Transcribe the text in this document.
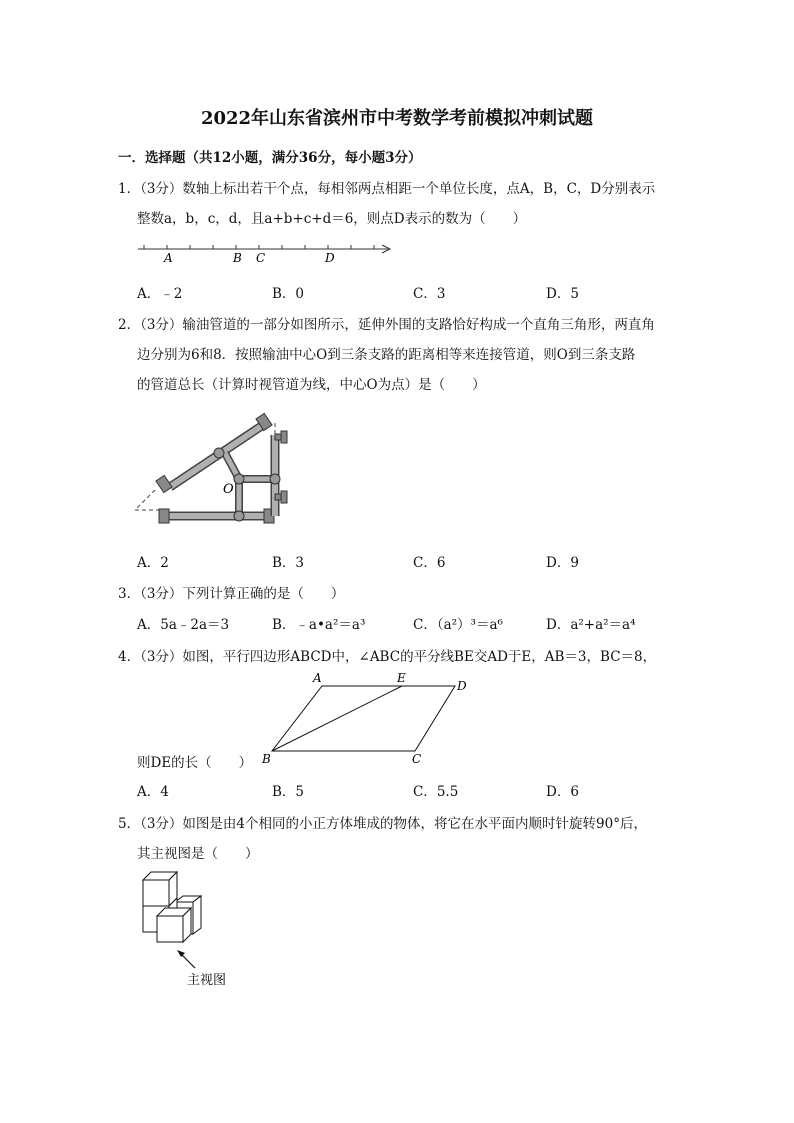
2022年山东省滨州市中考数学考前模拟冲刺试题
一．选择题（共12小题，满分36分，每小题3分）
1．（3分）数轴上标出若干个点，每相邻两点相距一个单位长度，点A，B，C，D分别表示
整数a，b，c，d，且a+b+c+d＝6，则点D表示的数为（　　）
A	B C	D
A．﹣2	B．0	C．3	D．5
2．（3分）输油管道的一部分如图所示，延伸外围的支路恰好构成一个直角三角形，两直角
边分别为6和8．按照输油中心O到三条支路的距离相等来连接管道，则O到三条支路
的管道总长（计算时视管道为线，中心O为点）是（　　）
O
A．2	B．3	C．6	D．9
3．（3分）下列计算正确的是（　　）
A．5a﹣2a＝3	B．﹣a•a²＝a³	C．（a²）³＝a⁶	D．a²+a²＝a⁴
4．（3分）如图，平行四边形ABCD中，∠ABC的平分线BE交AD于E，AB＝3，BC＝8，
A	E
D
B	C
则DE的长（　　）
A．4	B．5	C．5.5	D．6
5．（3分）如图是由4个相同的小正方体堆成的物体，将它在水平面内顺时针旋转90°后，
其主视图是（　　）
主视图
